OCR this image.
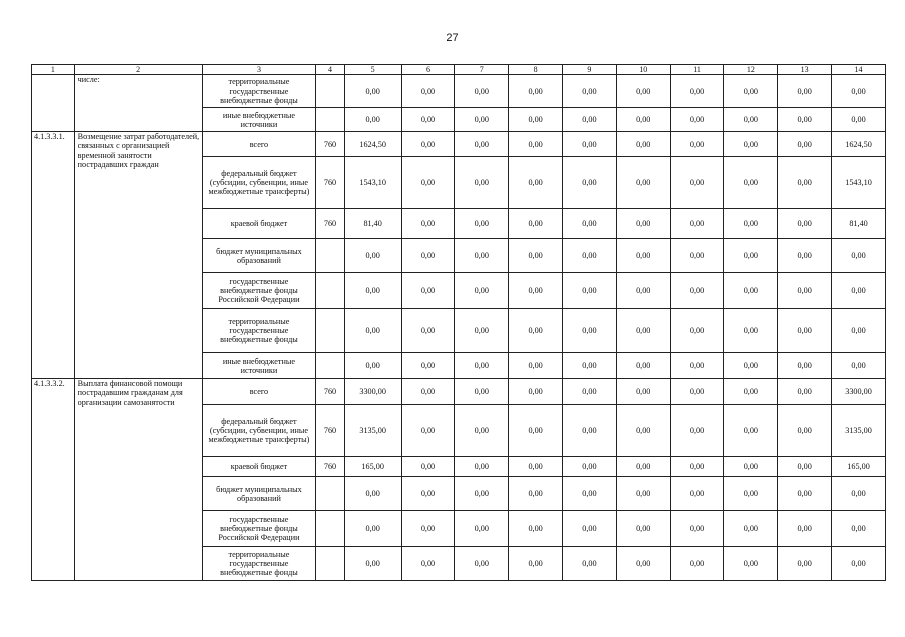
27
1	2	3	4	5	6	7	8	9	10	11	12	13	14
	числе:	территориальные государственные внебюджетные фонды		0,00	0,00	0,00	0,00	0,00	0,00	0,00	0,00	0,00	0,00
		иные внебюджетные источники		0,00	0,00	0,00	0,00	0,00	0,00	0,00	0,00	0,00	0,00
4.1.3.3.1.	Возмещение затрат работодателей, связанных с организацией временной занятости пострадавших граждан	всего	760	1624,50	0,00	0,00	0,00	0,00	0,00	0,00	0,00	0,00	1624,50
		федеральный бюджет (субсидии, субвенции, иные межбюджетные трансферты)	760	1543,10	0,00	0,00	0,00	0,00	0,00	0,00	0,00	0,00	1543,10
		краевой бюджет	760	81,40	0,00	0,00	0,00	0,00	0,00	0,00	0,00	0,00	81,40
		бюджет муниципальных образований		0,00	0,00	0,00	0,00	0,00	0,00	0,00	0,00	0,00	0,00
		государственные внебюджетные фонды Российской Федерации		0,00	0,00	0,00	0,00	0,00	0,00	0,00	0,00	0,00	0,00
		территориальные государственные внебюджетные фонды		0,00	0,00	0,00	0,00	0,00	0,00	0,00	0,00	0,00	0,00
		иные внебюджетные источники		0,00	0,00	0,00	0,00	0,00	0,00	0,00	0,00	0,00	0,00
4.1.3.3.2.	Выплата финансовой помощи пострадавшим гражданам для организации самозанятости	всего	760	3300,00	0,00	0,00	0,00	0,00	0,00	0,00	0,00	0,00	3300,00
		федеральный бюджет (субсидии, субвенции, иные межбюджетные трансферты)	760	3135,00	0,00	0,00	0,00	0,00	0,00	0,00	0,00	0,00	3135,00
		краевой бюджет	760	165,00	0,00	0,00	0,00	0,00	0,00	0,00	0,00	0,00	165,00
		бюджет муниципальных образований		0,00	0,00	0,00	0,00	0,00	0,00	0,00	0,00	0,00	0,00
		государственные внебюджетные фонды Российской Федерации		0,00	0,00	0,00	0,00	0,00	0,00	0,00	0,00	0,00	0,00
		территориальные государственные внебюджетные фонды		0,00	0,00	0,00	0,00	0,00	0,00	0,00	0,00	0,00	0,00
